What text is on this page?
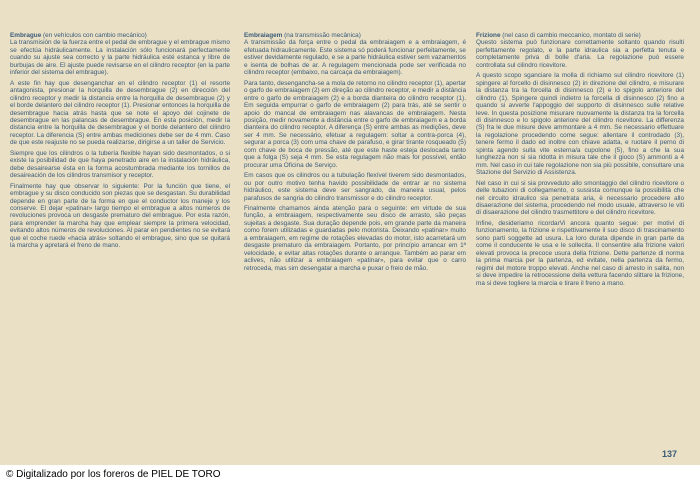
Embrague (en vehículos con cambio mecánico)
La transmisión de la fuerza entre el pedal de embrague y el embrague mismo se efectúa hidráulicamente. La instalación sólo funcionará perfectamente cuando su ajuste sea correcto y la parte hidráulica esté estanca y libre de burbujas de aire. El ajuste puede revisarse en el cilindro receptor (en la parte inferior del sistema del embrague).

A este fin hay que desenganchar en el cilindro receptor (1) el resorte antagonista, presionar la horquilla de desembrague (2) en dirección del cilindro receptor y medir la distancia entre la horquilla de desembrague (2) y el borde delantero del cilindro receptor (1). Presionar entonces la horquilla de desembrague hacia atrás hasta que se note el apoyo del cojinete de desembrague en las palancas de desembrague. En esta posición, medir la distancia entre la horquilla de desembrague y el borde delantero del cilindro receptor. La diferencia (S) entre ambas mediciones debe ser de 4 mm. Caso de que este reajuste no se pueda realizarse, dirigirse a un taller de Servicio.

Siempre que los cilindros o la tubería flexible hayan sido desmontados, o si existe la posibilidad de que haya penetrado aire en la instalación hidráulica, debe desairearse ésta en la forma acostumbrada mediante los tornillos de desaireación de los cilindros transmisor y receptor.

Finalmente hay que observar lo siguiente: Por la función que tiene, el embrague y su disco conducido son piezas que se desgastan. Su durabilidad depende en gran parte de la forma en que el conductor los maneje y los conserve. El dejar «patinar» largo tiempo el embrague a altos números de revoluciones provoca un desgaste prematuro del embrague. Por esta razón, para emprender la marcha hay que emplear siempre la primera velocidad, evitando altos números de revoluciones. Al parar en pendientes no se evitará que el coche ruede «hacia atrás» soltando el embrague, sino que se quitará la marcha y apretará el freno de mano.

Embraiagem (na transmissão mecânica)
A transmissão da força entre o pedal da embraiagem e a embraiagem, é efetuada hidraulicamente. Este sistema só poderá funcionar perfeitamente, se estiver devidamente regulado, e se a parte hidráulica estiver sem vazamentos e isenta de bolhas de ar. A regulagem mencionada pode ser verificada no cilindro receptor (embaixo, na carcaça da embraiagem).

Para tanto, desengancha-se a mola de retorno no cilindro receptor (1), apertar o garfo de embraiagem (2) em direção ao cilindro receptor, e medir a distância entre o garfo de embraiagem (2) e a borda dianteira do cilindro receptor (1). Em seguida empurrar o garfo de embraiagem (2) para trás, até se sentir o apoio do mancal de embraiagem nas alavancas de embraiagem. Nesta posição, medir novamente a distância entre o garfo de embraiagem e a borda dianteira do cilindro receptor. A diferença (S) entre ambas as medições, deve ser 4 mm. Se necessário, efetuar a regulagem: soltar a contra-porca (4), segurar a porca (3) com uma chave de parafuso, e girar tirante rosqueado (5) com chave de boca de pressão, até que este haste esteja deslocada tanto que a folga (S) seja 4 mm. Se esta regulagem não mais for possível, então procurar uma Oficina de Serviço.

Em casos que os cilindros ou a tubulação flexível tiverem sido desmontados, ou por outro motivo tenha havido possibilidade de entrar ar no sistema hidráulico, este sistema deve ser sangrado, da maneira usual, pelos parafusos de sangria do cilindro transmissor e do cilindro receptor.

Finalmente chamamos ainda atenção para o seguinte: em virtude de sua função, a embraiagem, respectivamente seu disco de arrasto, são peças sujeitas a desgaste. Sua duração depende pois, em grande parte da maneira como forem utilizadas e guardadas pelo motorista. Deixando «patinar» muito a embraiagem, em regime de rotações elevadas do motor, isto acarretará um desgaste prematuro da embraiagem. Portanto, por princípio arrancar em 1ª velocidade, e evitar altas rotações durante o arranque. Também ao parar em aclives, não utilizar a embraiagem «patinar», para evitar que o carro retroceda, mas sim desengatar a marcha e puxar o freio de mão.

Frizione (nel caso di cambio meccanico, montato di serie)
Questo sistema può funzionare correttamente soltanto quando risulti perfettamente regolato, e la parte idraulica sia a perfetta tenuta e completamente priva di bolle d'aria. La regolazione può essere controllata sul cilindro ricevitore.

A questo scopo sganciare la molla di richiamo sul cilindro ricevitore (1) spingere al forcello di disinnesco (2) in direzione del cilindro, e misurare la distanza tra la forcella di disinnesco (2) e lo spigolo anteriore del cilindro (1). Spingere quindi indietro la forcella di disinnesco (2) fino a quando si avverte l'appoggio del supporto di disinnesco sulle relative leve. In questa posizione misurare nuovamente la distanza tra la forcella di disinnesco e lo spigolo anteriore del cilindro ricevitore. La differenza (S) fra le due misure deve ammontare a 4 mm. Se necessario effettuare la regolazione procedendo come segue: allentare il controdado (3), tenere fermo il dado ed inoltre con chiave adatta, e ruotare il perno di spinta agendo sulla vite esterna/a cupolone (5), fino a che la sua lunghezza non si sia ridotta in misura tale che il gioco (S) ammonti a 4 mm. Nel caso in cui tale regolazione non sia più possibile, consultare una Stazione del Servizio di Assistenza.

Nel caso in cui si sia provveduto allo smontaggio del cilindro ricevitore o delle tubazioni di collegamento, o sussista comunque la possibilità che nel circuito idraulico sia penetrata aria, è necessario procedere allo disaerazione del sistema, procedendo nel modo usuale, attraverso le viti di disaerazione del cilindro trasmettitore e del cilindro ricevitore.

Infine, desideriamo ricordarVi ancora quanto segue: per motivi di funzionamento, la frizione e rispettivamente il suo disco di trascinamento sono parti soggette ad usura. La loro durata dipende in gran parte da come il conducente le usa e le sollecita. Il consentire alla frizione valori elevati provoca la precoce usura della frizione. Dette partenze di norma la prima marcia per la partenza, ed evitate, nella partenza da fermo, regimi del motore troppo elevati. Anche nel caso di arresto in salita, non si deve impedire la retrocessione della vettura facendo slittare la frizione, ma si deve togliere la marcia e tirare il freno a mano.

137
© Digitalizado por los foreros de PIEL DE TORO
